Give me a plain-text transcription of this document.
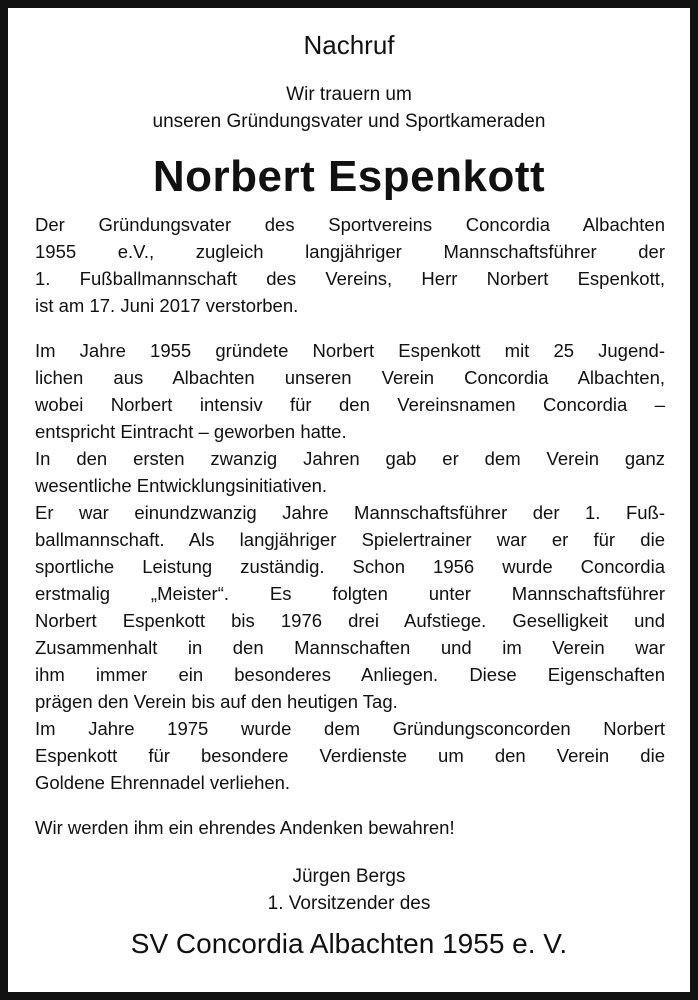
Nachruf
Wir trauern um
unseren Gründungsvater und Sportkameraden
Norbert Espenkott
Der Gründungsvater des Sportvereins Concordia Albachten
1955 e.V., zugleich langjähriger Mannschaftsführer der
1. Fußballmannschaft des Vereins, Herr Norbert Espenkott,
ist am 17. Juni 2017 verstorben.
Im Jahre 1955 gründete Norbert Espenkott mit 25 Jugend-
lichen aus Albachten unseren Verein Concordia Albachten,
wobei Norbert intensiv für den Vereinsnamen Concordia –
entspricht Eintracht – geworben hatte.
In den ersten zwanzig Jahren gab er dem Verein ganz
wesentliche Entwicklungsinitiativen.
Er war einundzwanzig Jahre Mannschaftsführer der 1. Fuß-
ballmannschaft. Als langjähriger Spielertrainer war er für die
sportliche Leistung zuständig. Schon 1956 wurde Concordia
erstmalig „Meister“. Es folgten unter Mannschaftsführer
Norbert Espenkott bis 1976 drei Aufstiege. Geselligkeit und
Zusammenhalt in den Mannschaften und im Verein war
ihm immer ein besonderes Anliegen. Diese Eigenschaften
prägen den Verein bis auf den heutigen Tag.
Im Jahre 1975 wurde dem Gründungsconcorden Norbert
Espenkott für besondere Verdienste um den Verein die
Goldene Ehrennadel verliehen.
Wir werden ihm ein ehrendes Andenken bewahren!
Jürgen Bergs
1. Vorsitzender des
SV Concordia Albachten 1955 e. V.
